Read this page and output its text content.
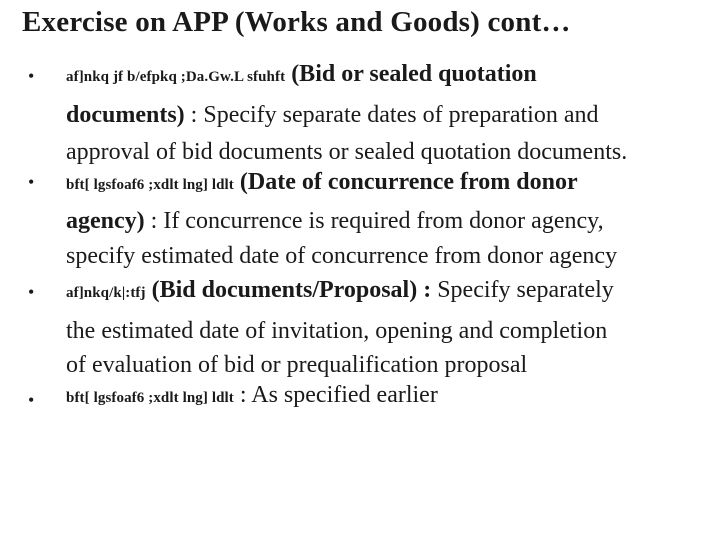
Exercise on APP (Works and Goods) cont…
• af]nkq jf b/efpkq ;Da.Gw.L sfuhft (Bid or sealed quotation
documents) : Specify separate dates of preparation and
approval of bid documents or sealed quotation documents.
• bft[ lgsfoaf6 ;xdlt lng] ldlt (Date of concurrence from donor
agency) : If concurrence is required from donor agency,
specify estimated date of concurrence from donor agency
• af]nkq/k|:tfj (Bid documents/Proposal) : Specify separately
the estimated date of invitation, opening and completion
of evaluation of bid or prequalification proposal
• bft[ lgsfoaf6 ;xdlt lng] ldlt : As specified earlier
